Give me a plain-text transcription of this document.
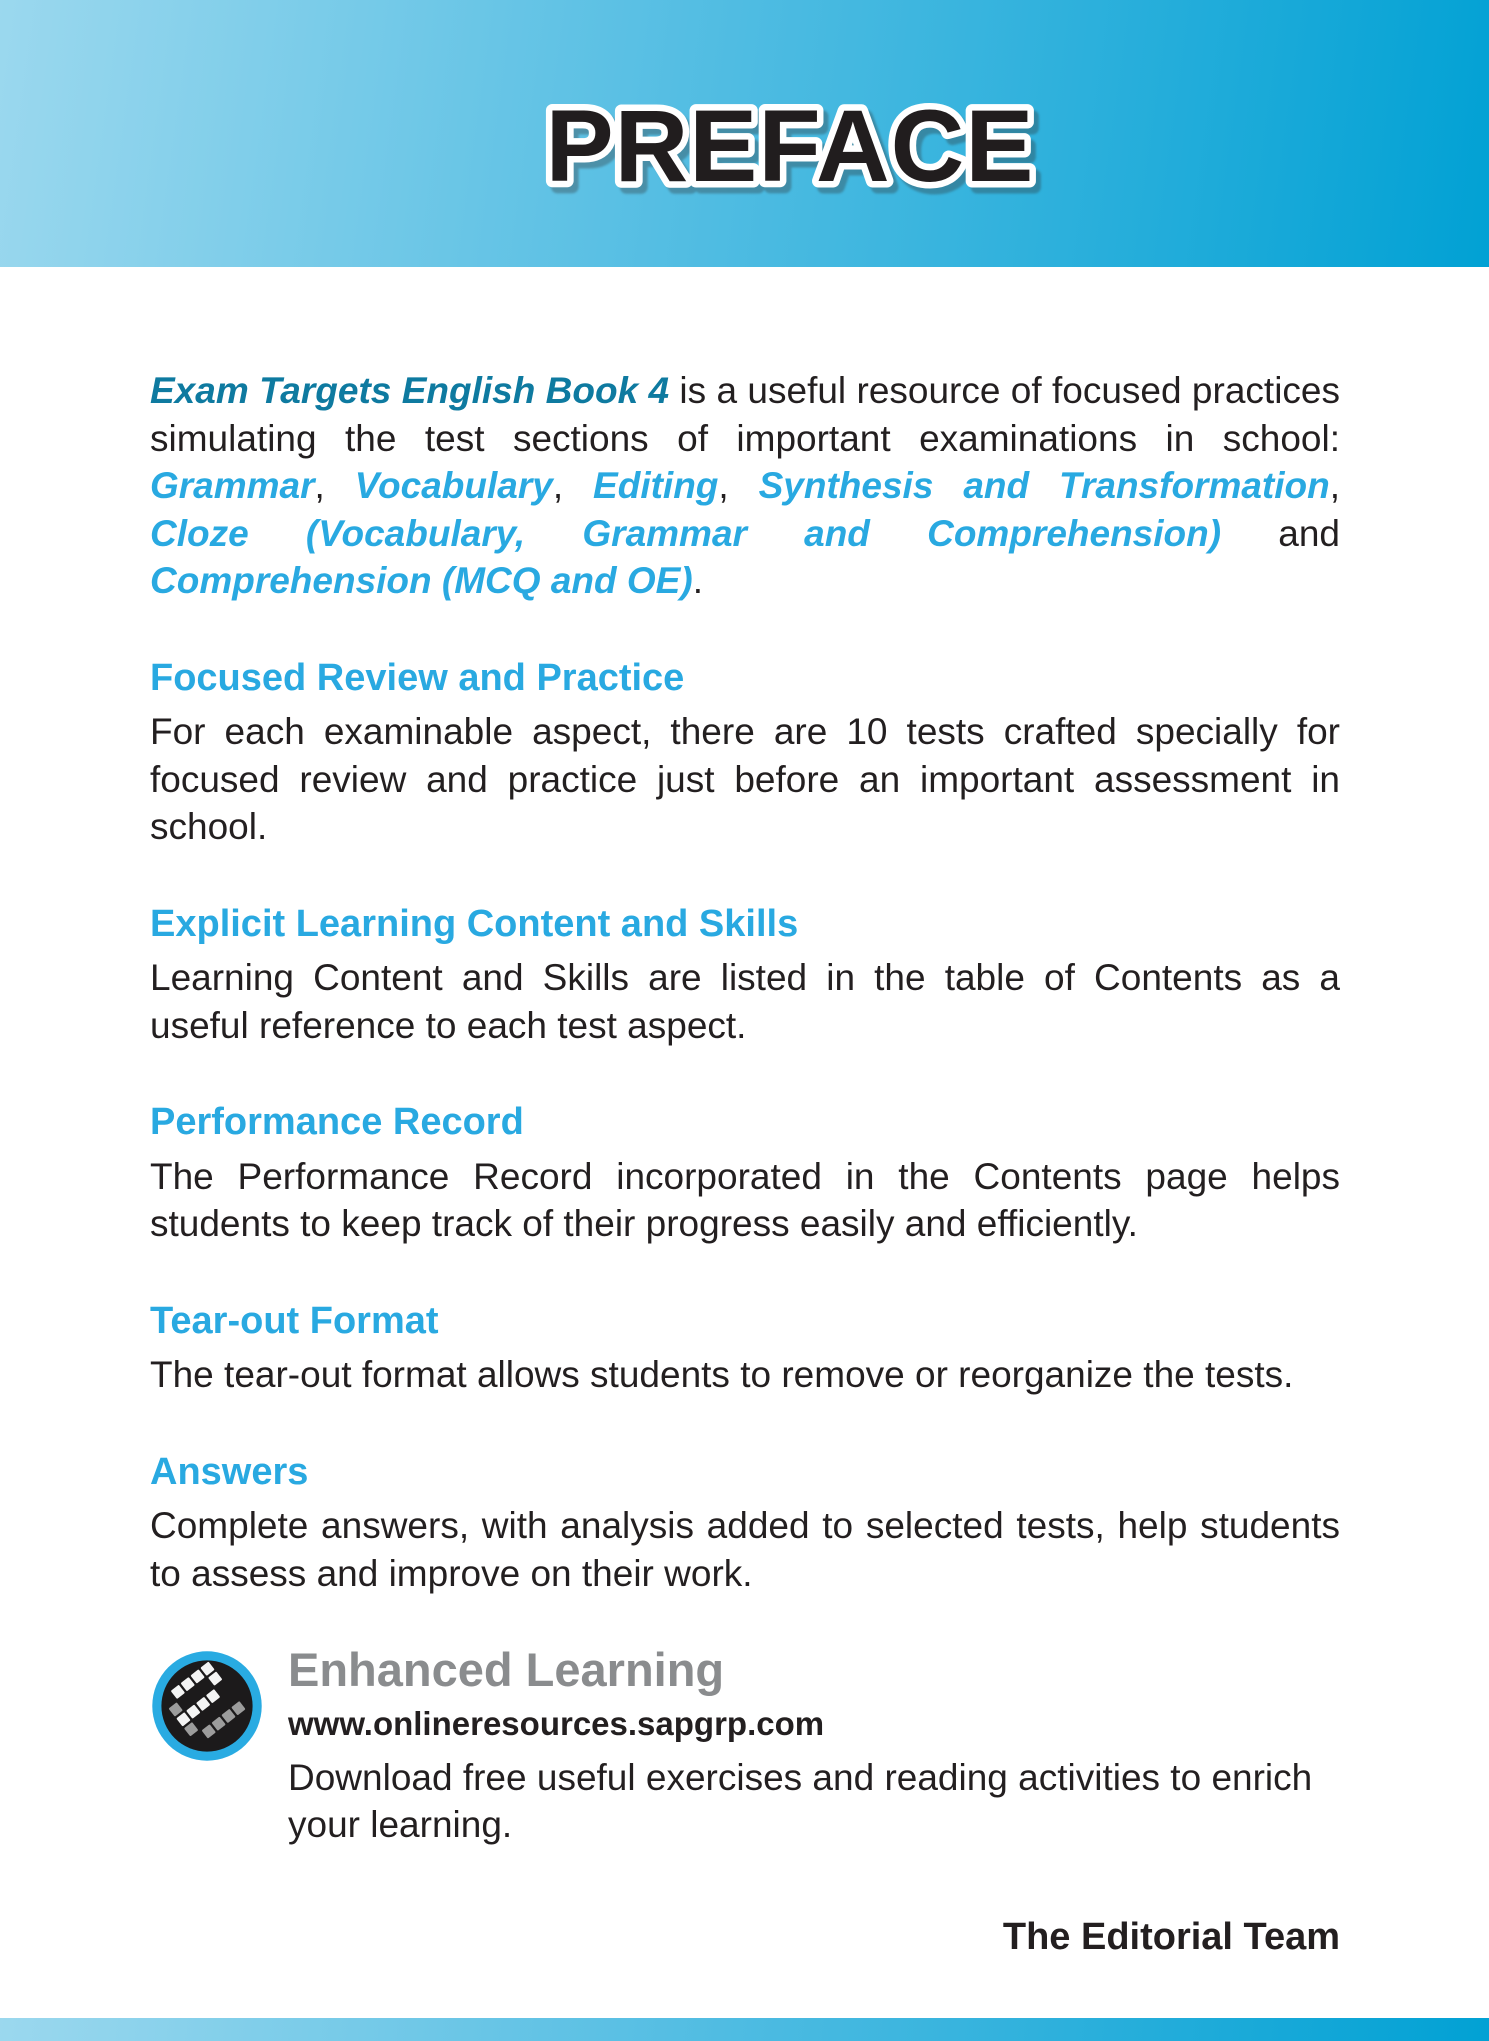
PREFACE

Exam Targets English Book 4 is a useful resource of focused practices simulating the test sections of important examinations in school: Grammar, Vocabulary, Editing, Synthesis and Transformation, Cloze (Vocabulary, Grammar and Comprehension) and Comprehension (MCQ and OE).

Focused Review and Practice

For each examinable aspect, there are 10 tests crafted specially for focused review and practice just before an important assessment in school.

Explicit Learning Content and Skills

Learning Content and Skills are listed in the table of Contents as a useful reference to each test aspect.

Performance Record

The Performance Record incorporated in the Contents page helps students to keep track of their progress easily and efficiently.

Tear-out Format

The tear-out format allows students to remove or reorganize the tests.

Answers

Complete answers, with analysis added to selected tests, help students to assess and improve on their work.

Enhanced Learning
www.onlineresources.sapgrp.com

Download free useful exercises and reading activities to enrich your learning.

The Editorial Team
